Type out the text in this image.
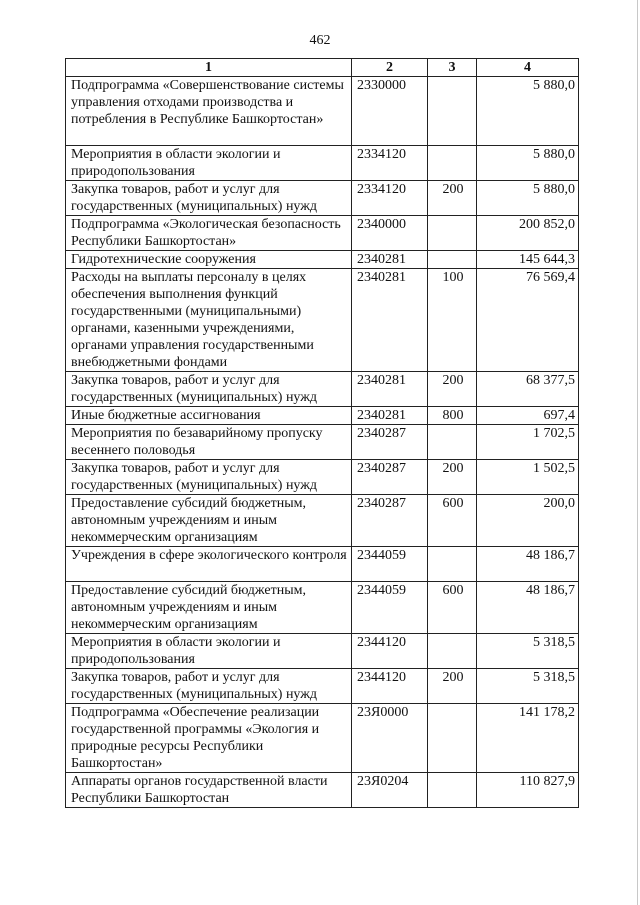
462
1	2	3	4
Подпрограмма «Совершенствование системы управления отходами производства и потребления в Республике Башкортостан»	2330000		5 880,0
Мероприятия в области экологии и природопользования	2334120		5 880,0
Закупка товаров, работ и услуг для государственных (муниципальных) нужд	2334120	200	5 880,0
Подпрограмма «Экологическая безопасность Республики Башкортостан»	2340000		200 852,0
Гидротехнические сооружения	2340281		145 644,3
Расходы на выплаты персоналу в целях обеспечения выполнения функций государственными (муниципальными) органами, казенными учреждениями, органами управления государственными внебюджетными фондами	2340281	100	76 569,4
Закупка товаров, работ и услуг для государственных (муниципальных) нужд	2340281	200	68 377,5
Иные бюджетные ассигнования	2340281	800	697,4
Мероприятия по безаварийному пропуску весеннего половодья	2340287		1 702,5
Закупка товаров, работ и услуг для государственных (муниципальных) нужд	2340287	200	1 502,5
Предоставление субсидий бюджетным, автономным учреждениям и иным некоммерческим организациям	2340287	600	200,0
Учреждения в сфере экологического контроля	2344059		48 186,7
Предоставление субсидий бюджетным, автономным учреждениям и иным некоммерческим организациям	2344059	600	48 186,7
Мероприятия в области экологии и природопользования	2344120		5 318,5
Закупка товаров, работ и услуг для государственных (муниципальных) нужд	2344120	200	5 318,5
Подпрограмма «Обеспечение реализации государственной программы «Экология и природные ресурсы Республики Башкортостан»	23Я0000		141 178,2
Аппараты органов государственной власти Республики Башкортостан	23Я0204		110 827,9
